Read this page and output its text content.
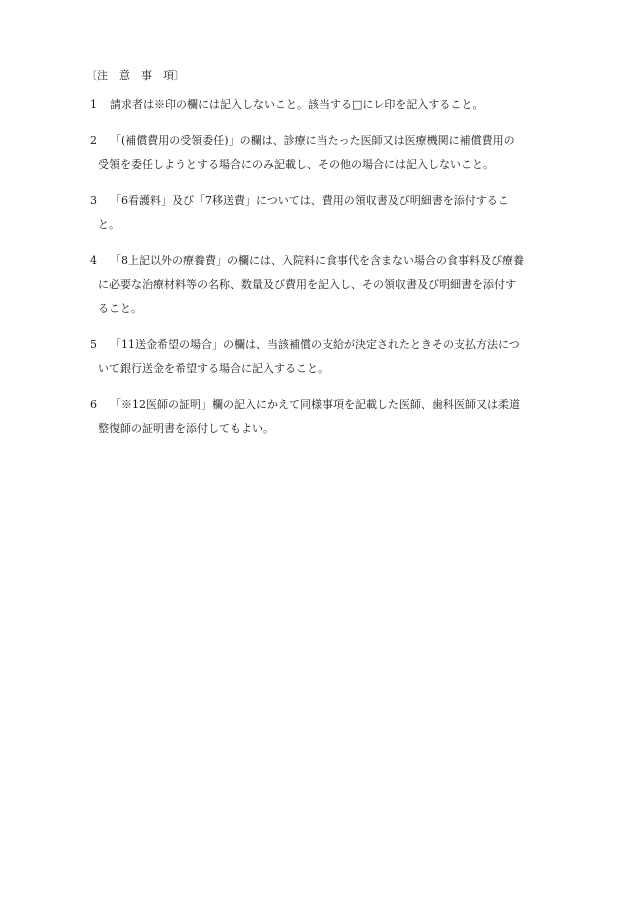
〔注　意　事　項〕
1 請求者は※印の欄には記入しないこと。該当する□にレ印を記入すること。
2 「(補償費用の受領委任)」の欄は、診療に当たった医師又は医療機関に補償費用の
受領を委任しようとする場合にのみ記載し、その他の場合には記入しないこと。
3 「6看護料」及び「7移送費」については、費用の領収書及び明細書を添付するこ
と。
4 「8上記以外の療養費」の欄には、入院料に食事代を含まない場合の食事料及び療養
に必要な治療材料等の名称、数量及び費用を記入し、その領収書及び明細書を添付す
ること。
5 「11送金希望の場合」の欄は、当該補償の支給が決定されたときその支払方法につ
いて銀行送金を希望する場合に記入すること。
6 「※12医師の証明」欄の記入にかえて同様事項を記載した医師、歯科医師又は柔道
整復師の証明書を添付してもよい。
